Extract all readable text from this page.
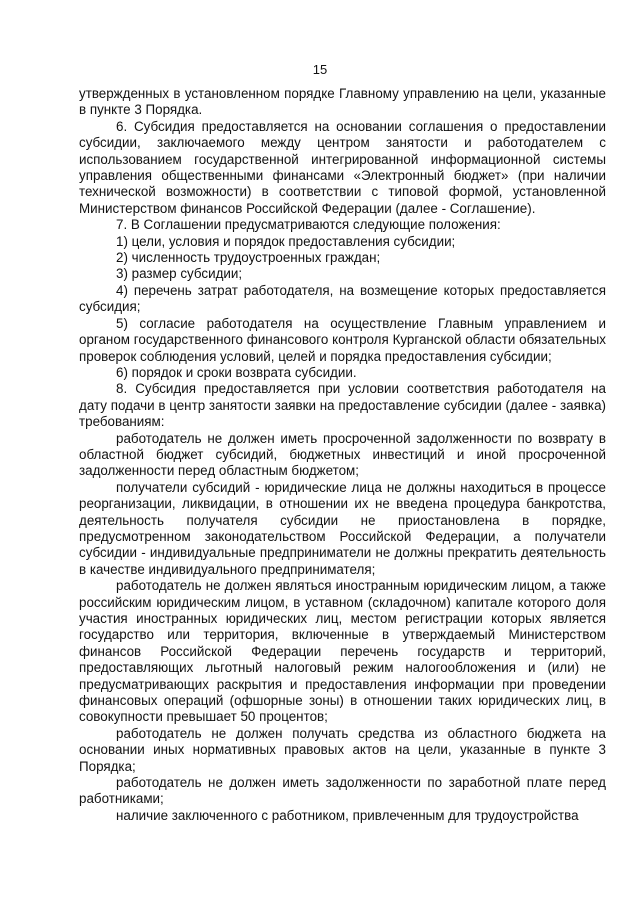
15

утвержденных в установленном порядке Главному управлению на цели, указанные в пункте 3 Порядка.

6. Субсидия предоставляется на основании соглашения о предоставлении субсидии, заключаемого между центром занятости и работодателем с использованием государственной интегрированной информационной системы управления общественными финансами «Электронный бюджет» (при наличии технической возможности) в соответствии с типовой формой, установленной Министерством финансов Российской Федерации (далее - Соглашение).

7. В Соглашении предусматриваются следующие положения:

1) цели, условия и порядок предоставления субсидии;

2) численность трудоустроенных граждан;

3) размер субсидии;

4) перечень затрат работодателя, на возмещение которых предоставляется субсидия;

5) согласие работодателя на осуществление Главным управлением и органом государственного финансового контроля Курганской области обязательных проверок соблюдения условий, целей и порядка предоставления субсидии;

6) порядок и сроки возврата субсидии.

8. Субсидия предоставляется при условии соответствия работодателя на дату подачи в центр занятости заявки на предоставление субсидии (далее - заявка) требованиям:

работодатель не должен иметь просроченной задолженности по возврату в областной бюджет субсидий, бюджетных инвестиций и иной просроченной задолженности перед областным бюджетом;

получатели субсидий - юридические лица не должны находиться в процессе реорганизации, ликвидации, в отношении их не введена процедура банкротства, деятельность получателя субсидии не приостановлена в порядке, предусмотренном законодательством Российской Федерации, а получатели субсидии - индивидуальные предприниматели не должны прекратить деятельность в качестве индивидуального предпринимателя;

работодатель не должен являться иностранным юридическим лицом, а также российским юридическим лицом, в уставном (складочном) капитале которого доля участия иностранных юридических лиц, местом регистрации которых является государство или территория, включенные в утверждаемый Министерством финансов Российской Федерации перечень государств и территорий, предоставляющих льготный налоговый режим налогообложения и (или) не предусматривающих раскрытия и предоставления информации при проведении финансовых операций (офшорные зоны) в отношении таких юридических лиц, в совокупности превышает 50 процентов;

работодатель не должен получать средства из областного бюджета на основании иных нормативных правовых актов на цели, указанные в пункте 3 Порядка;

работодатель не должен иметь задолженности по заработной плате перед работниками;

наличие заключенного с работником, привлеченным для трудоустройства
